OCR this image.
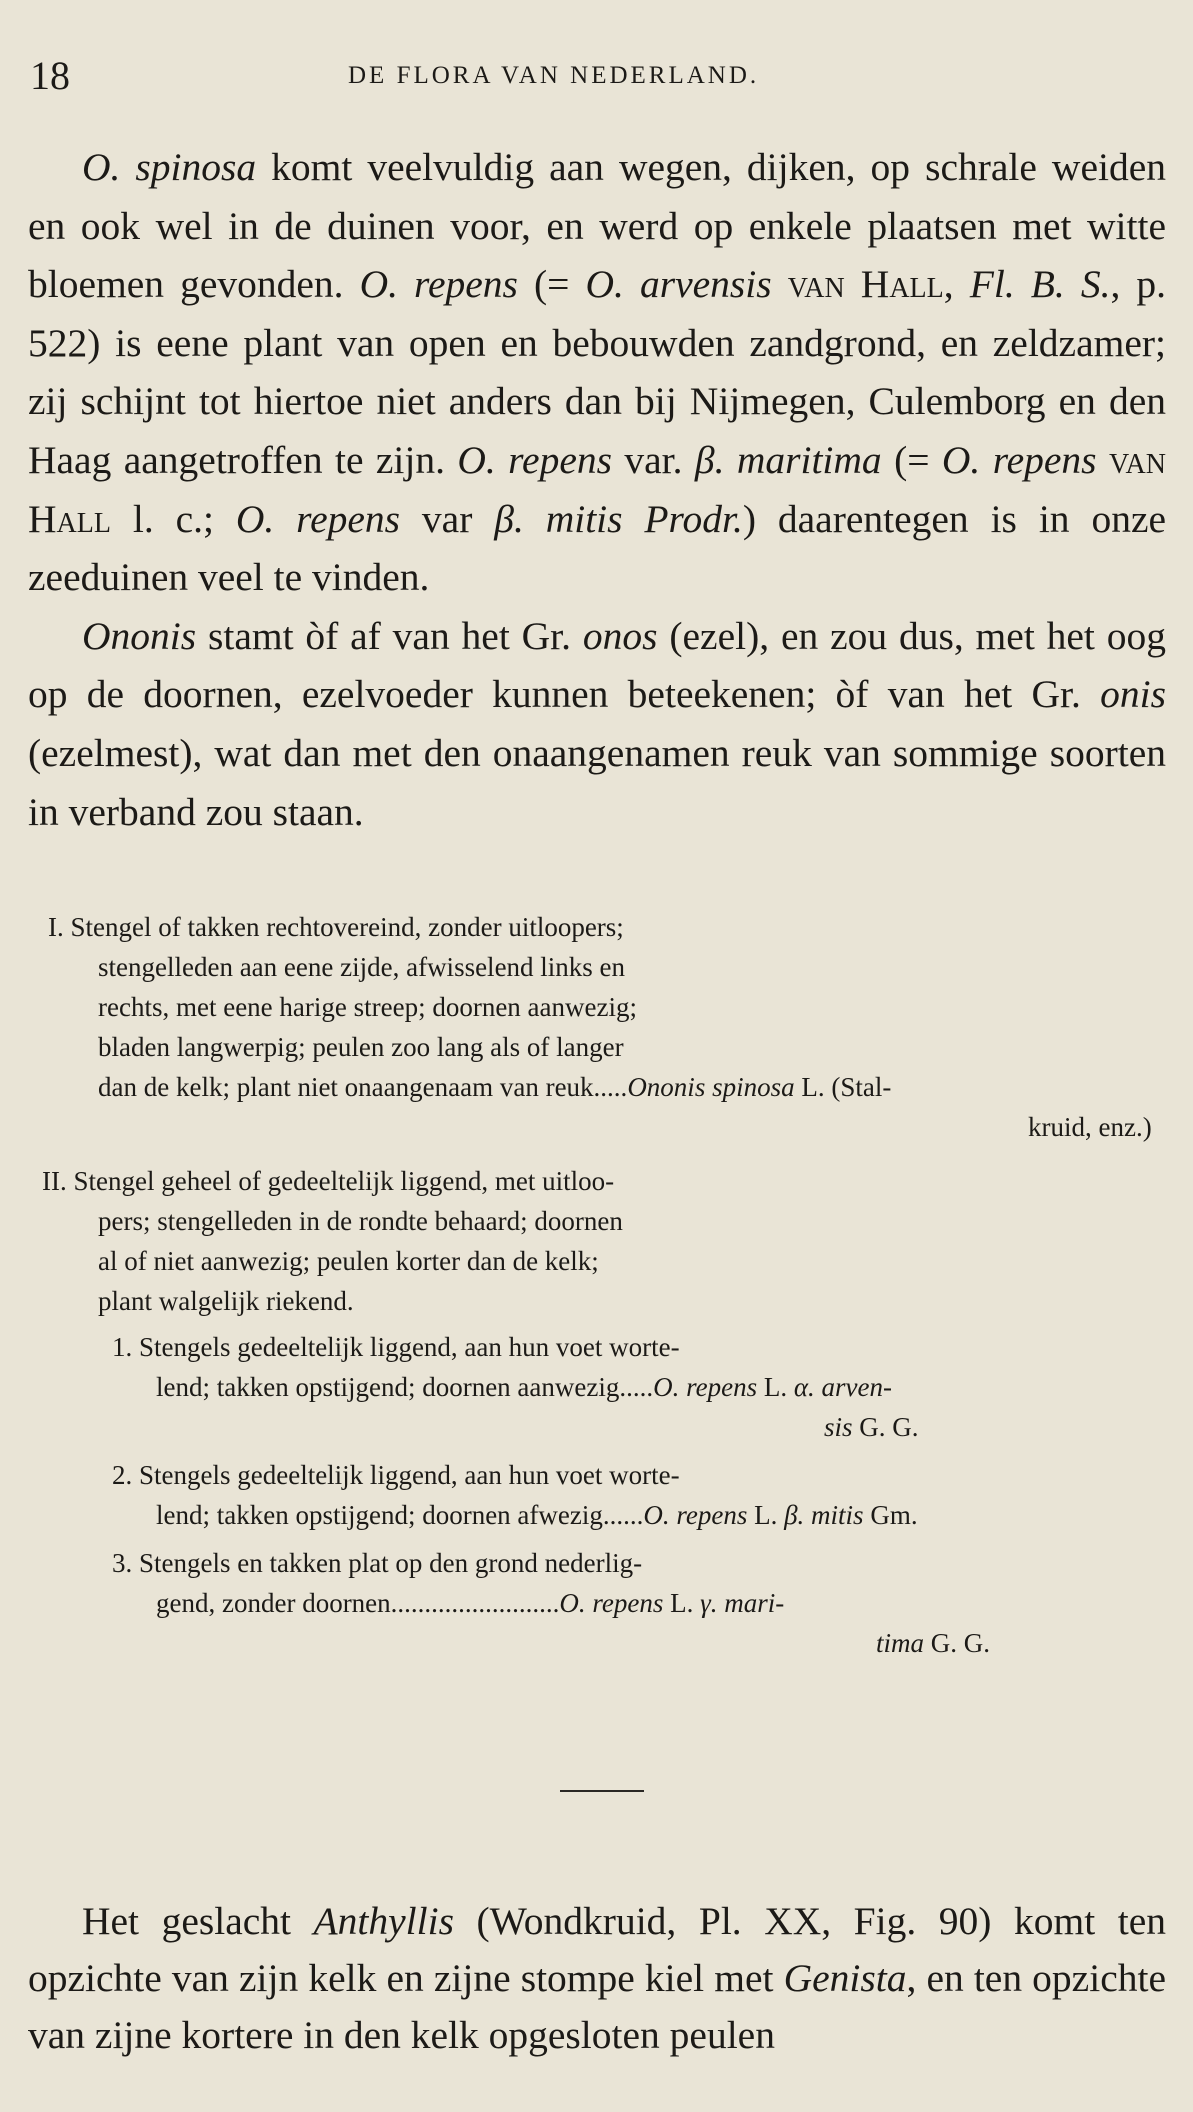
18	DE FLORA VAN NEDERLAND.

O. spinosa komt veelvuldig aan wegen, dijken, op schrale weiden en ook wel in de duinen voor, en werd op enkele plaatsen met witte bloemen gevonden. O. repens (= O. arvensis van Hall, Fl. B. S., p. 522) is eene plant van open en bebouwden zandgrond, en zeldzamer; zij schijnt tot hiertoe niet anders dan bij Nijmegen, Culemborg en den Haag aangetroffen te zijn. O. repens var. β. maritima (= O. repens van Hall l. c.; O. repens var β. mitis Prodr.) daarentegen is in onze zeeduinen veel te vinden.

Ononis stamt òf af van het Gr. onos (ezel), en zou dus, met het oog op de doornen, ezelvoeder kunnen beteekenen; òf van het Gr. onis (ezelmest), wat dan met den onaangenamen reuk van sommige soorten in verband zou staan.

I. Stengel of takken rechtovereind, zonder uitloopers;
stengelleden aan eene zijde, afwisselend links en
rechts, met eene harige streep; doornen aanwezig;
bladen langwerpig; peulen zoo lang als of langer
dan de kelk; plant niet onaangenaam van reuk.....Ononis spinosa L. (Stal-
kruid, enz.)
II. Stengel geheel of gedeeltelijk liggend, met uitloo-
pers; stengelleden in de rondte behaard; doornen
al of niet aanwezig; peulen korter dan de kelk;
plant walgelijk riekend.
1. Stengels gedeeltelijk liggend, aan hun voet worte-
lend; takken opstijgend; doornen aanwezig.....O. repens L. α. arven-
sis G. G.
2. Stengels gedeeltelijk liggend, aan hun voet worte-
lend; takken opstijgend; doornen afwezig......O. repens L. β. mitis Gm.
3. Stengels en takken plat op den grond nederlig-
gend, zonder doornen.........................O. repens L. γ. mari-
tima G. G.

Het geslacht Anthyllis (Wondkruid, Pl. XX, Fig. 90) komt ten opzichte van zijn kelk en zijne stompe kiel met Genista, en ten opzichte van zijne kortere in den kelk opgesloten peulen
